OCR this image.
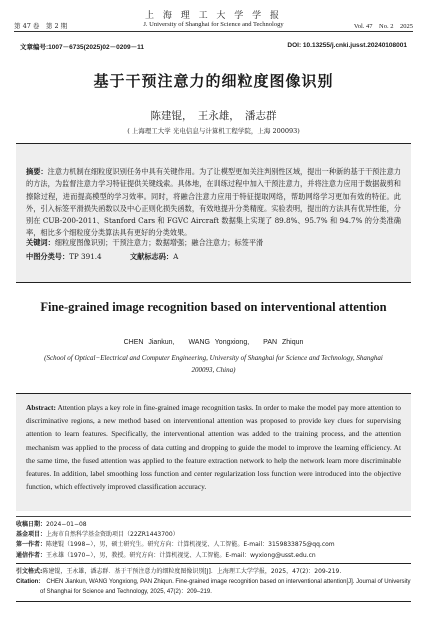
上 海 理 工 大 学 学 报
第 47 卷　第 2 期	J. University of Shanghai for Science and Technology	Vol. 47　No. 2　2025
文章编号:1007－6735(2025)02－0209－11	DOI: 10.13255/j.cnki.jusst.20240108001
基于干预注意力的细粒度图像识别
陈建锟，　王永雄，　潘志群
( 上海理工大学 光电信息与计算机工程学院，上海 200093)
摘要：注意力机制在细粒度识别任务中具有关键作用。为了让模型更加关注判别性区域，提出一种新的基于干预注意力的方法，为监督注意力学习特征提供关键线索。具体地，在训练过程中加入干预注意力，并将注意力应用于数据裁剪和擦除过程，进而提高模型的学习效率。同时，将融合注意力应用于特征提取网络，帮助网络学习更加有效的特征。此外，引入标签平滑损失函数以及中心正则化损失函数，有效地提升分类精度。实验表明，提出的方法具有优异性能，分别在 CUB-200-2011、Stanford Cars 和 FGVC Aircraft 数据集上实现了 89.8%、95.7% 和 94.7% 的分类准确率，相比多个细粒度分类算法具有更好的分类效果。
关键词：细粒度图像识别；干预注意力；数据增强；融合注意力；标签平滑
中图分类号：TP 391.4	文献标志码：A
Fine-grained image recognition based on interventional attention
CHEN Jiankun,　　WANG Yongxiong,　　PAN Zhiqun
(School of Optical−Electrical and Computer Engineering, University of Shanghai for Science and Technology, Shanghai 200093, China)
Abstract: Attention plays a key role in fine-grained image recognition tasks. In order to make the model pay more attention to discriminative regions, a new method based on interventional attention was proposed to provide key clues for supervising attention to learn features. Specifically, the interventional attention was added to the training process, and the attention mechanism was applied to the process of data cutting and dropping to guide the model to improve the learning efficiency. At the same time, the fused attention was applied to the feature extraction network to help the network learn more discriminable features. In addition, label smoothing loss function and center regularization loss function were introduced into the objective function, which effectively improved classification accuracy.
收稿日期：2024−01−08
基金项目：上海市自然科学基金资助项目（22ZR1443700）
第一作者：陈建锟（1998−），男，硕士研究生。研究方向：计算机视觉、人工智能。E-mail：3159833875@qq.com
通信作者：王永雄（1970−），男，教授。研究方向：计算机视觉、人工智能。E-mail：wyxiong@usst.edu.cn
引文格式:陈建锟，王永雄，潘志群．基于干预注意力的细粒度图像识别[J]．上海理工大学学报，2025，47(2)：209-219.
Citation:　 CHEN Jiankun, WANG Yongxiong, PAN Zhiqun. Fine-grained image recognition based on interventional attention[J]. Journal of University
of Shanghai for Science and Technology, 2025, 47(2)：209–219.
